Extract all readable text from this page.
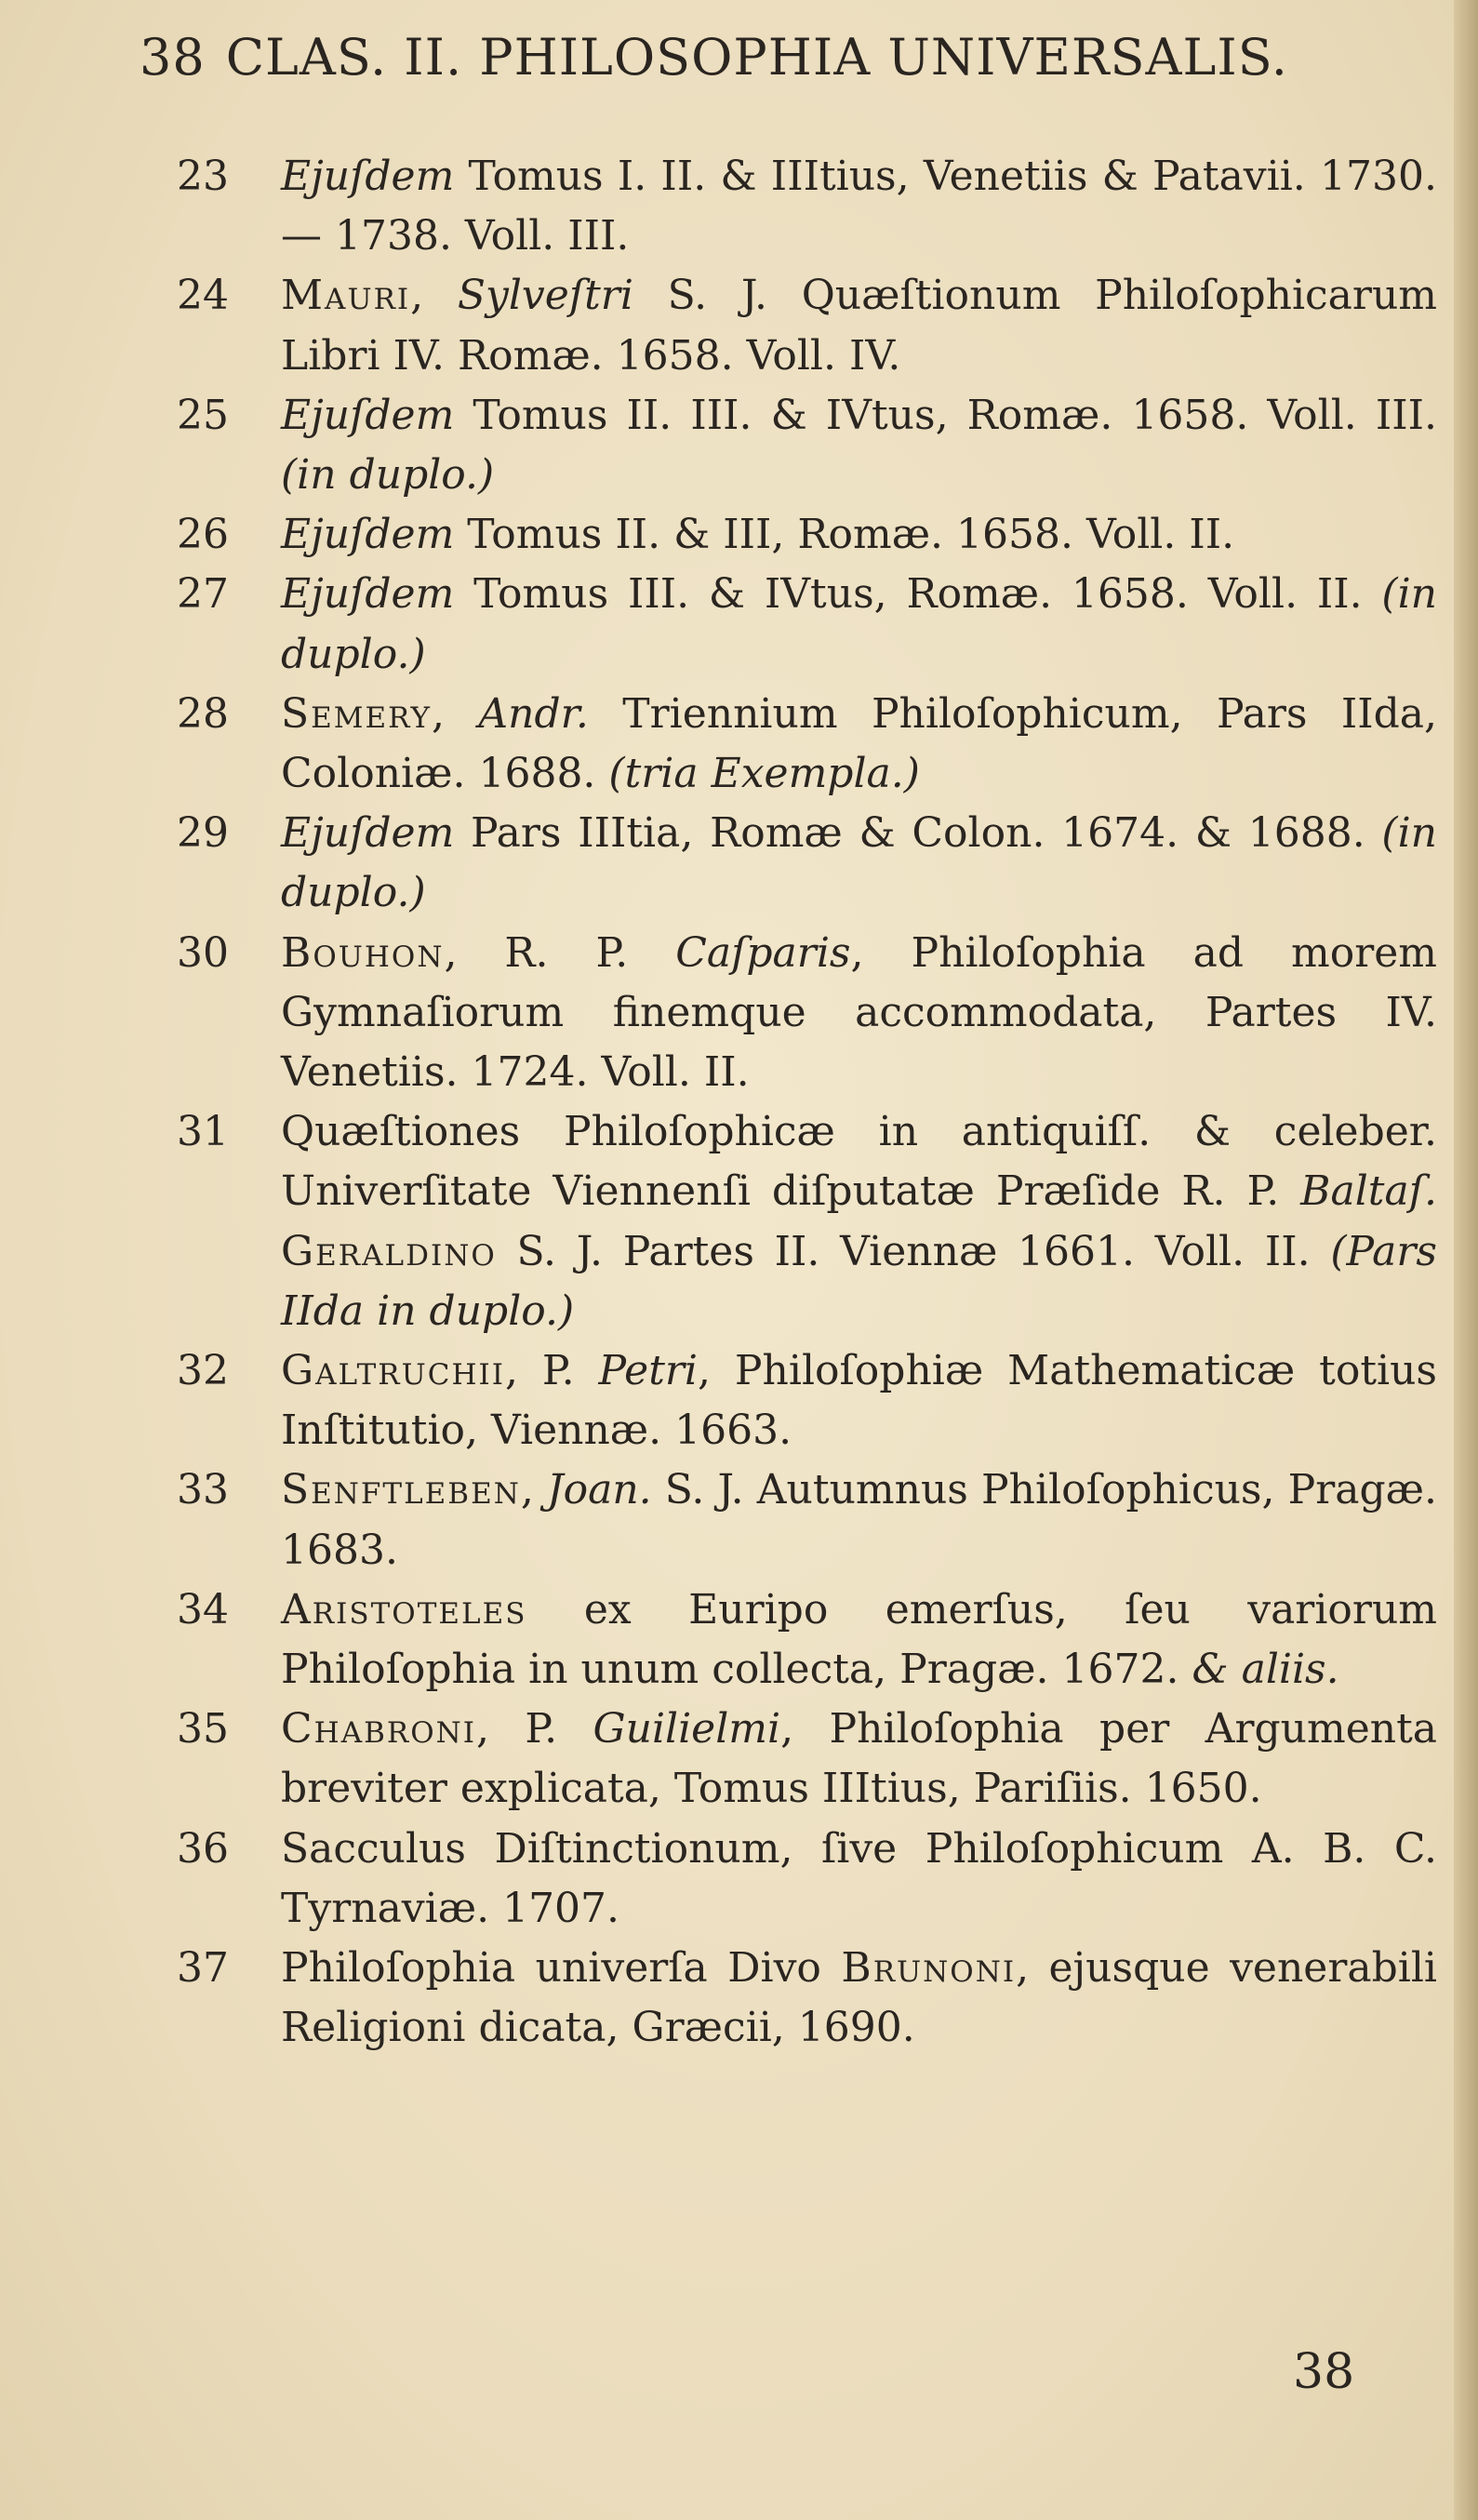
38 CLAS. II. PHILOSOPHIA UNIVERSALIS.
23	Ejuſdem Tomus I. II. & IIItius, Venetiis & Patavii. 1730. — 1738. Voll. III.
24	Mauri, Sylveſtri S. J. Quæſtionum Philoſophicarum Libri IV. Romæ. 1658. Voll. IV.
25	Ejuſdem Tomus II. III. & IVtus, Romæ. 1658. Voll. III. (in duplo.)
26	Ejuſdem Tomus II. & III, Romæ. 1658. Voll. II.
27	Ejuſdem Tomus III. & IVtus, Romæ. 1658. Voll. II. (in duplo.)
28	Semery, Andr. Triennium Philoſophicum, Pars IIda, Coloniæ. 1688. (tria Exempla.)
29	Ejuſdem Pars IIItia, Romæ & Colon. 1674. & 1688. (in duplo.)
30	Bouhon, R. P. Caſparis, Philoſophia ad morem Gymnaſiorum finemque accommodata, Partes IV. Venetiis. 1724. Voll. II.
31	Quæſtiones Philoſophicæ in antiquiſſ. & celeber. Univerſitate Viennenſi diſputatæ Præſide R. P. Baltaſ. Geraldino S. J. Partes II. Viennæ 1661. Voll. II. (Pars IIda in duplo.)
32	Galtruchii, P. Petri, Philoſophiæ Mathematicæ totius Inſtitutio, Viennæ. 1663.
33	Senftleben, Joan. S. J. Autumnus Philoſophicus, Pragæ. 1683.
34	Aristoteles ex Euripo emerſus, ſeu variorum Philoſophia in unum collecta, Pragæ. 1672. & aliis.
35	Chabroni, P. Guilielmi, Philoſophia per Argumenta breviter explicata, Tomus IIItius, Pariſiis. 1650.
36	Sacculus Diſtinctionum, ſive Philoſophicum A. B. C. Tyrnaviæ. 1707.
37	Philoſophia univerſa Divo Brunoni, ejusque venerabili Religioni dicata, Græcii, 1690.
38
